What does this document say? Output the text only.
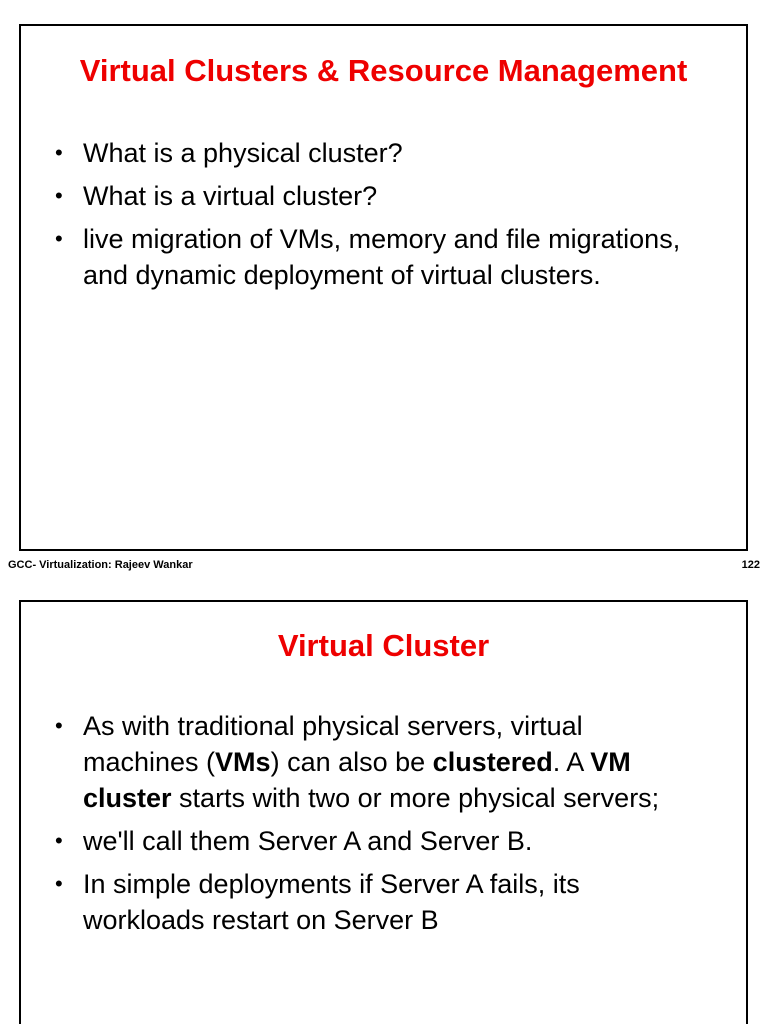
Virtual Clusters & Resource Management
• What is a physical cluster?
• What is a virtual cluster?
• live migration of VMs, memory and file migrations, and dynamic deployment of virtual clusters.
GCC- Virtualization: Rajeev Wankar	122
Virtual Cluster
• As with traditional physical servers, virtual machines (VMs) can also be clustered. A VM cluster starts with two or more physical servers;
• we'll call them Server A and Server B.
• In simple deployments if Server A fails, its workloads restart on Server B
